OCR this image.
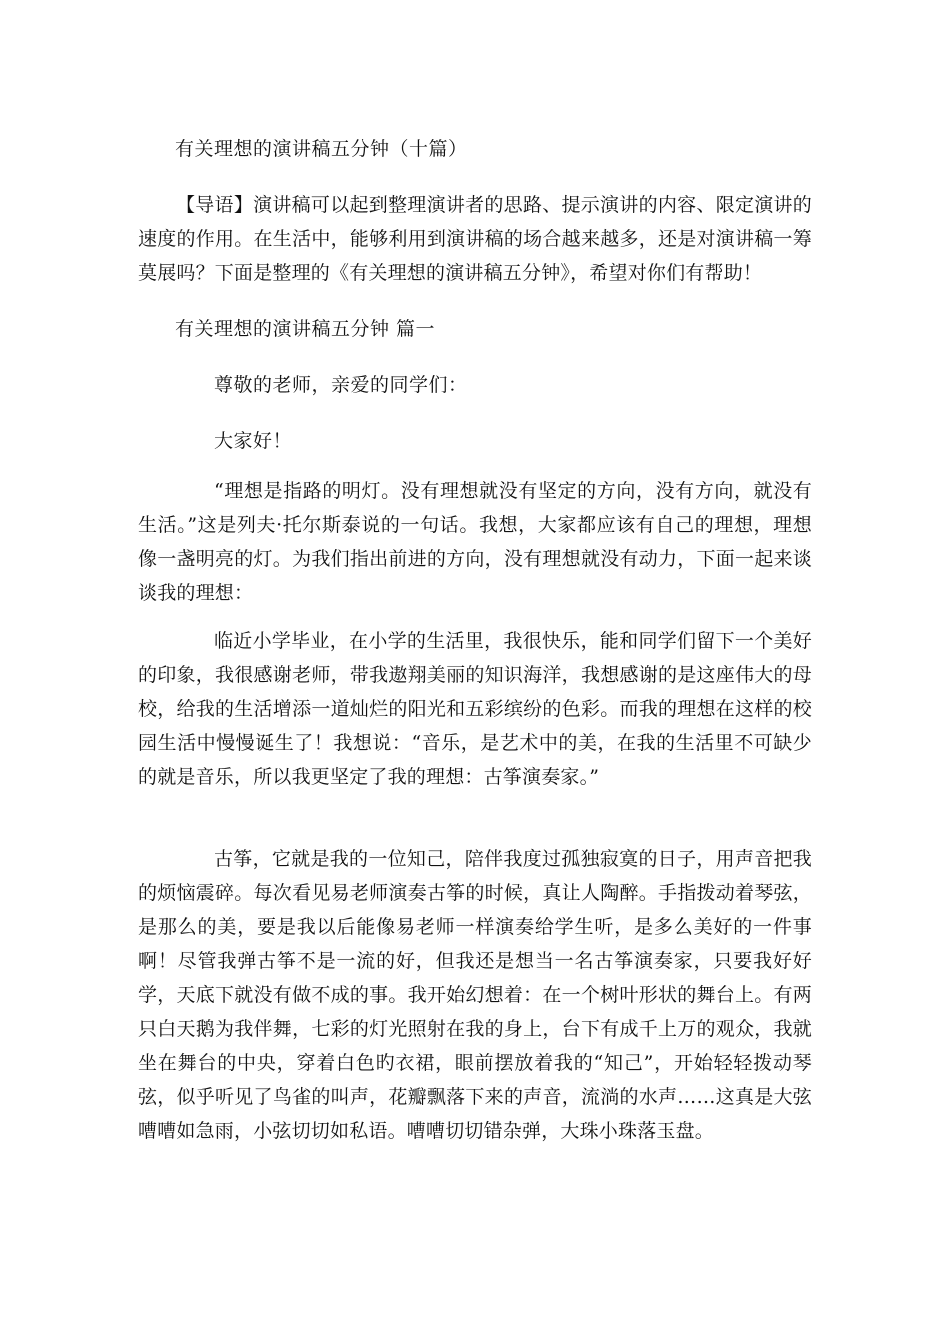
有关理想的演讲稿五分钟（十篇）
【导语】演讲稿可以起到整理演讲者的思路、提示演讲的内容、限定演讲的速度的作用。在生活中，能够利用到演讲稿的场合越来越多，还是对演讲稿一筹莫展吗？下面是整理的《有关理想的演讲稿五分钟》，希望对你们有帮助！
有关理想的演讲稿五分钟 篇一
尊敬的老师，亲爱的同学们：
大家好！
“理想是指路的明灯。没有理想就没有坚定的方向，没有方向，就没有生活。”这是列夫·托尔斯泰说的一句话。我想，大家都应该有自己的理想，理想像一盏明亮的灯。为我们指出前进的方向，没有理想就没有动力，下面一起来谈谈我的理想：
临近小学毕业，在小学的生活里，我很快乐，能和同学们留下一个美好的印象，我很感谢老师，带我遨翔美丽的知识海洋，我想感谢的是这座伟大的母校，给我的生活增添一道灿烂的阳光和五彩缤纷的色彩。而我的理想在这样的校园生活中慢慢诞生了！我想说：“音乐，是艺术中的美，在我的生活里不可缺少的就是音乐，所以我更坚定了我的理想：古筝演奏家。”
古筝，它就是我的一位知己，陪伴我度过孤独寂寞的日子，用声音把我的烦恼震碎。每次看见易老师演奏古筝的时候，真让人陶醉。手指拨动着琴弦，是那么的美，要是我以后能像易老师一样演奏给学生听，是多么美好的一件事啊！尽管我弹古筝不是一流的好，但我还是想当一名古筝演奏家，只要我好好学，天底下就没有做不成的事。我开始幻想着：在一个树叶形状的舞台上。有两只白天鹅为我伴舞，七彩的灯光照射在我的身上，台下有成千上万的观众，我就坐在舞台的中央，穿着白色旳衣裙，眼前摆放着我的“知己”，开始轻轻拨动琴弦，似乎听见了鸟雀的叫声，花瓣飘落下来的声音，流淌的水声……这真是大弦嘈嘈如急雨，小弦切切如私语。嘈嘈切切错杂弹，大珠小珠落玉盘。
